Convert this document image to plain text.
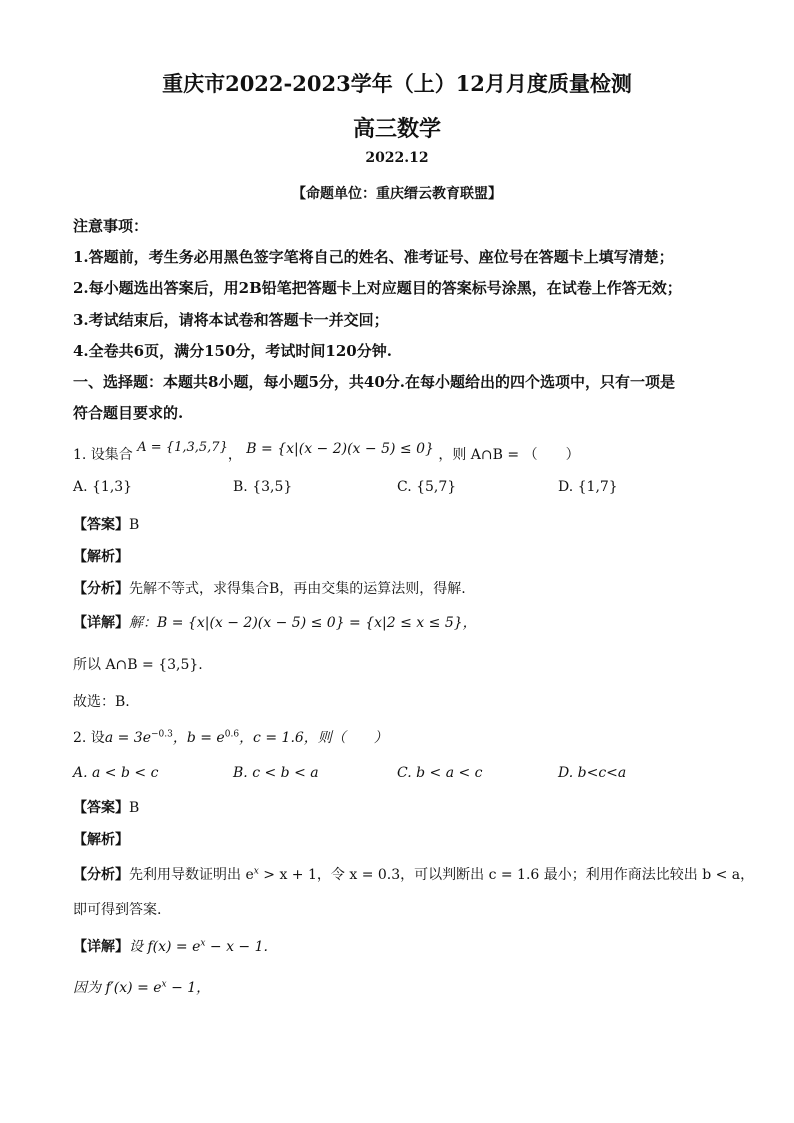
重庆市2022-2023学年（上）12月月度质量检测
高三数学
2022.12
【命题单位：重庆缙云教育联盟】
注意事项：
1.答题前，考生务必用黑色签字笔将自己的姓名、准考证号、座位号在答题卡上填写清楚；
2.每小题选出答案后，用2B铅笔把答题卡上对应题目的答案标号涂黑，在试卷上作答无效；
3.考试结束后，请将本试卷和答题卡一并交回；
4.全卷共6页，满分150分，考试时间120分钟.
一、选择题：本题共8小题，每小题5分，共40分.在每小题给出的四个选项中，只有一项是
符合题目要求的.
1. 设集合 A = {1,3,5,7}， B = {x|(x − 2)(x − 5) ≤ 0} ，则 A∩B = （　　）
A. {1,3}	B. {3,5}	C. {5,7}	D. {1,7}
【答案】B
【解析】
【分析】先解不等式，求得集合B，再由交集的运算法则，得解.
【详解】解：B = {x|(x − 2)(x − 5) ≤ 0} = {x|2 ≤ x ≤ 5}，
所以 A∩B = {3,5}.
故选：B.
2. 设$a = 3e^{-0.3}$，$b = e^{0.6}$，c = 1.6，则（　　）
A. a < b < c	B. c < b < a	C. b < a < c	D. b<c<a
【答案】B
【解析】
【分析】先利用导数证明出 $e^x > x + 1$，令 x = 0.3，可以判断出 c = 1.6 最小；利用作商法比较出 b < a，
即可得到答案.
【详解】设 $f(x) = e^x - x - 1$.
因为 $f'(x) = e^x - 1$，
